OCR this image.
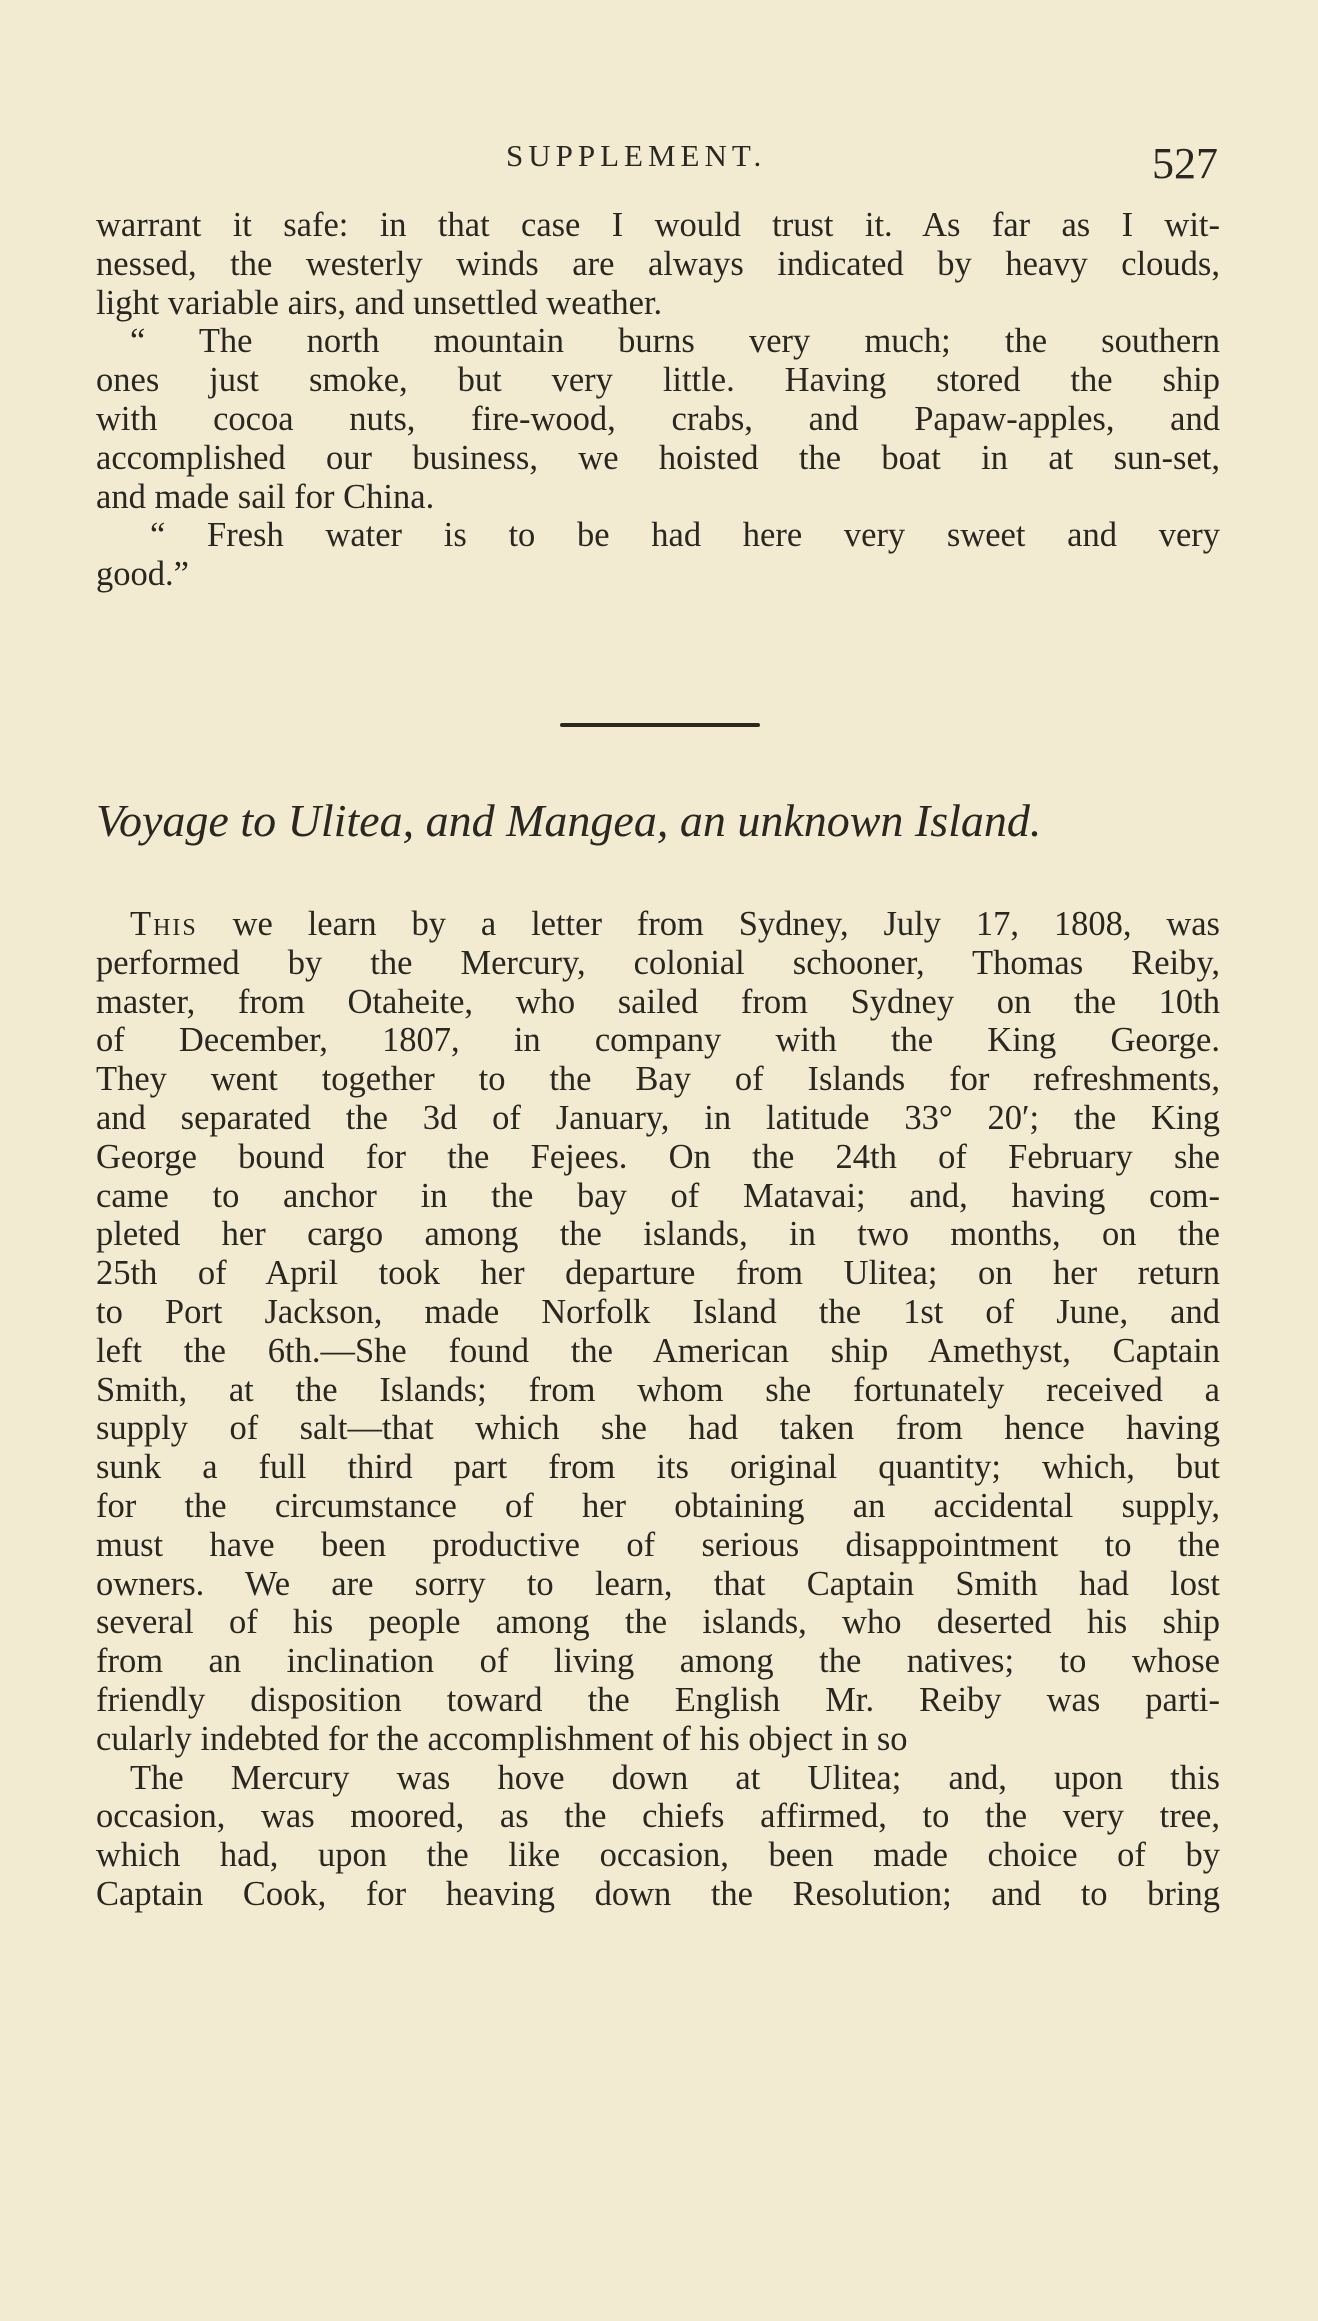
SUPPLEMENT.	527
warrant it safe: in that case I would trust it. As far as I wit-
nessed, the westerly winds are always indicated by heavy clouds,
light variable airs, and unsettled weather.
“ The north mountain burns very much; the southern
ones just smoke, but very little. Having stored the ship
with cocoa nuts, fire-wood, crabs, and Papaw-apples, and
accomplished our business, we hoisted the boat in at sun-set,
and made sail for China.
“ Fresh water is to be had here very sweet and very
good.”
Voyage to Ulitea, and Mangea, an unknown Island.
This we learn by a letter from Sydney, July 17, 1808, was
performed by the Mercury, colonial schooner, Thomas Reiby,
master, from Otaheite, who sailed from Sydney on the 10th
of December, 1807, in company with the King George.
They went together to the Bay of Islands for refreshments,
and separated the 3d of January, in latitude 33° 20′; the King
George bound for the Fejees. On the 24th of February she
came to anchor in the bay of Matavai; and, having com-
pleted her cargo among the islands, in two months, on the
25th of April took her departure from Ulitea; on her return
to Port Jackson, made Norfolk Island the 1st of June, and
left the 6th.—She found the American ship Amethyst, Captain
Smith, at the Islands; from whom she fortunately received a
supply of salt—that which she had taken from hence having
sunk a full third part from its original quantity; which, but
for the circumstance of her obtaining an accidental supply,
must have been productive of serious disappointment to the
owners. We are sorry to learn, that Captain Smith had lost
several of his people among the islands, who deserted his ship
from an inclination of living among the natives; to whose
friendly disposition toward the English Mr. Reiby was parti-
cularly indebted for the accomplishment of his object in so
The Mercury was hove down at Ulitea; and, upon this
occasion, was moored, as the chiefs affirmed, to the very tree,
which had, upon the like occasion, been made choice of by
Captain Cook, for heaving down the Resolution; and to bring
